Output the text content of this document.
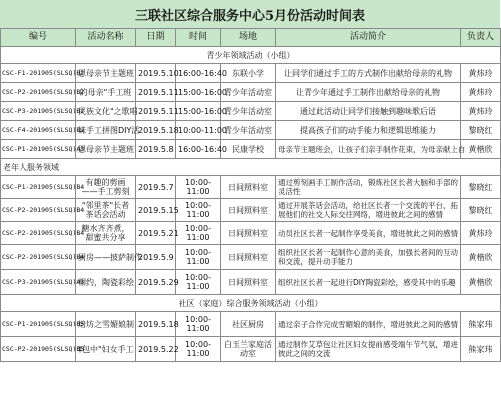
三联社区综合服务中心5月份活动时间表
编号	活动名称	日期	时间	场地	活动简介	负责人
青少年领域活动（小组）						
CSC-F1-201905(SLSQ)B2	恩母亲节主题班	2019.5.10	16:00-16:40	东联小学	让同学们通过手工的方式制作出献给母亲的礼物	黄炜玲
CSC-P2-201905(SLSQ)B2	的母亲"手工班	2019.5.11	15:00-16:00	青少年活动室	让青少年通过手工制作出献给母亲的礼物	黄炜玲
CSC-P3-201905(SLSQ)B2	民族文化"之歌唱	2019.5.11	15:00-16:00	青少年活动室	通过此活动让同学们接触到趣味歌后语	黄炜玲
CSC-F4-201905(SLSQ)B2	妹手工拼图DIY活	2019.5.18	10:00-11:00	青少年活动室	提高孩子们的动手能力和逻辑思维能力	黎晓红
CSC-P1-201905(SLSQ)A3	恩母亲节主题班	2019.5.8	16:00-16:40	民康学校	母亲节主题班会，让孩子们亲手制作花束，为母亲献上自	黄楷欣
老年人服务领域						
CSC-P1-201905(SLSQ)B4	有趣的剪画——手工剪刻	2019.5.7	10:00-11:00	日间照料室	通过剪刻画手工制作活动，锻炼社区长者大脑和手部的灵活性	黎晓红
CSC-P2-201905(SLSQ)B4	"邻里茶"长者茶话会活动	2019.5.15	10:00-11:00	日间照料室	通过开展茶话会活动，给社区长者一个交流的平台，拓展他们的社交人际交往网络，增进彼此之间的感情	黎晓红
CSC-P2-201905(SLSQ)B4	糖水齐齐煮，甜蜜共分享	2019.5.21	10:00-11:00	日间照料室	动员社区长者一起制作享受美食，增进彼此之间的感情	黄炜玲
CSC-P2-201905(SLSQ)B4	厨房——披萨制作	2019.5.9	10:00-11:00	日间照料室	组织社区长者一起制作心意的美食，加强长者间的互动和交流，提升动手能力	黄楷欣
CSC-P3-201905(SLSQ)A3	相约，陶瓷彩绘	2019.5.29	10:00-11:00	日间照料室	组织社区长者一起进行DIY陶瓷彩绘，感受其中的乐趣	黄楷欣
社区（家庭）综合服务领域活动（小组）						
CSC-P1-201905(SLSQ)B5	焙坊之雪媚娘制	2019.5.18	10:00-11:00	社区厨房	通过亲子合作完成雪媚娘的制作，增进彼此之间的感情	熊家玮
CSC-P2-201905(SLSQ)B5	‡包中"妇女手工	2019.5.22	10:00-11:00	白玉兰家庭活动室	通过制作艾草包让社区妇女提前感受端午节气氛，增进彼此之间的交流	熊家玮
